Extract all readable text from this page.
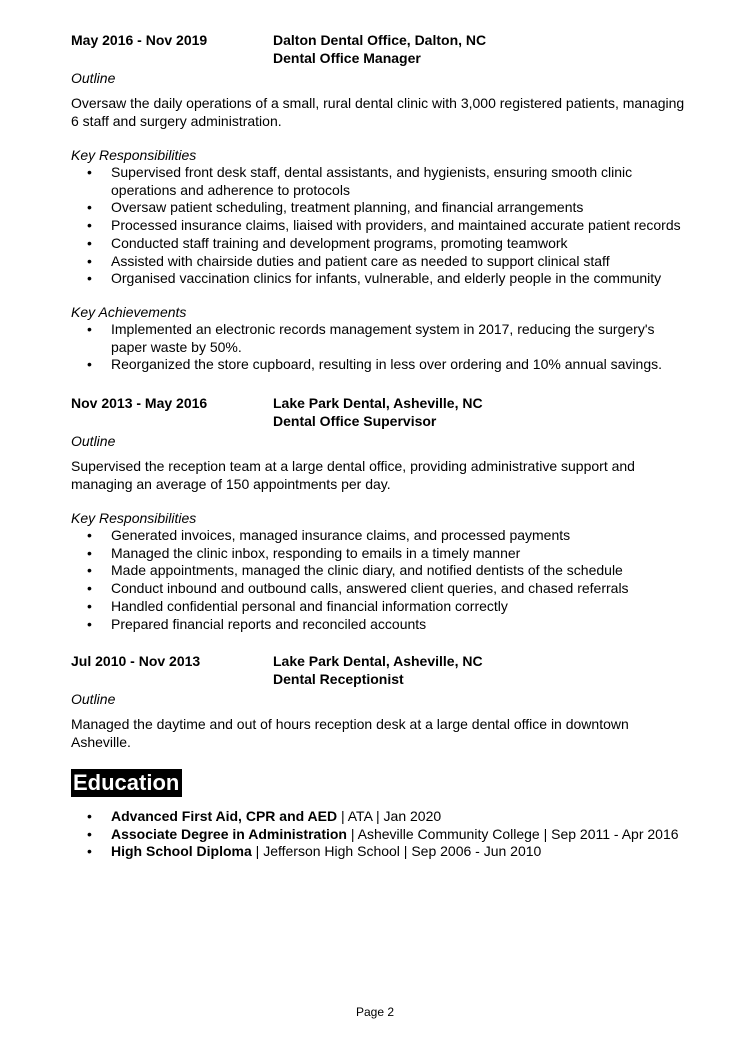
May 2016 - Nov 2019	Dalton Dental Office, Dalton, NC
Dental Office Manager
Outline

Oversaw the daily operations of a small, rural dental clinic with 3,000 registered patients, managing 6 staff and surgery administration.

Key Responsibilities
• Supervised front desk staff, dental assistants, and hygienists, ensuring smooth clinic operations and adherence to protocols
• Oversaw patient scheduling, treatment planning, and financial arrangements
• Processed insurance claims, liaised with providers, and maintained accurate patient records
• Conducted staff training and development programs, promoting teamwork
• Assisted with chairside duties and patient care as needed to support clinical staff
• Organised vaccination clinics for infants, vulnerable, and elderly people in the community
Key Achievements
• Implemented an electronic records management system in 2017, reducing the surgery's paper waste by 50%.
• Reorganized the store cupboard, resulting in less over ordering and 10% annual savings.
Nov 2013 - May 2016	Lake Park Dental, Asheville, NC
Dental Office Supervisor
Outline

Supervised the reception team at a large dental office, providing administrative support and managing an average of 150 appointments per day.

Key Responsibilities
• Generated invoices, managed insurance claims, and processed payments
• Managed the clinic inbox, responding to emails in a timely manner
• Made appointments, managed the clinic diary, and notified dentists of the schedule
• Conduct inbound and outbound calls, answered client queries, and chased referrals
• Handled confidential personal and financial information correctly
• Prepared financial reports and reconciled accounts
Jul 2010 - Nov 2013	Lake Park Dental, Asheville, NC
Dental Receptionist
Outline

Managed the daytime and out of hours reception desk at a large dental office in downtown Asheville.

Education
• Advanced First Aid, CPR and AED | ATA | Jan 2020
• Associate Degree in Administration | Asheville Community College | Sep 2011 - Apr 2016
• High School Diploma | Jefferson High School | Sep 2006 - Jun 2010
Page 2
